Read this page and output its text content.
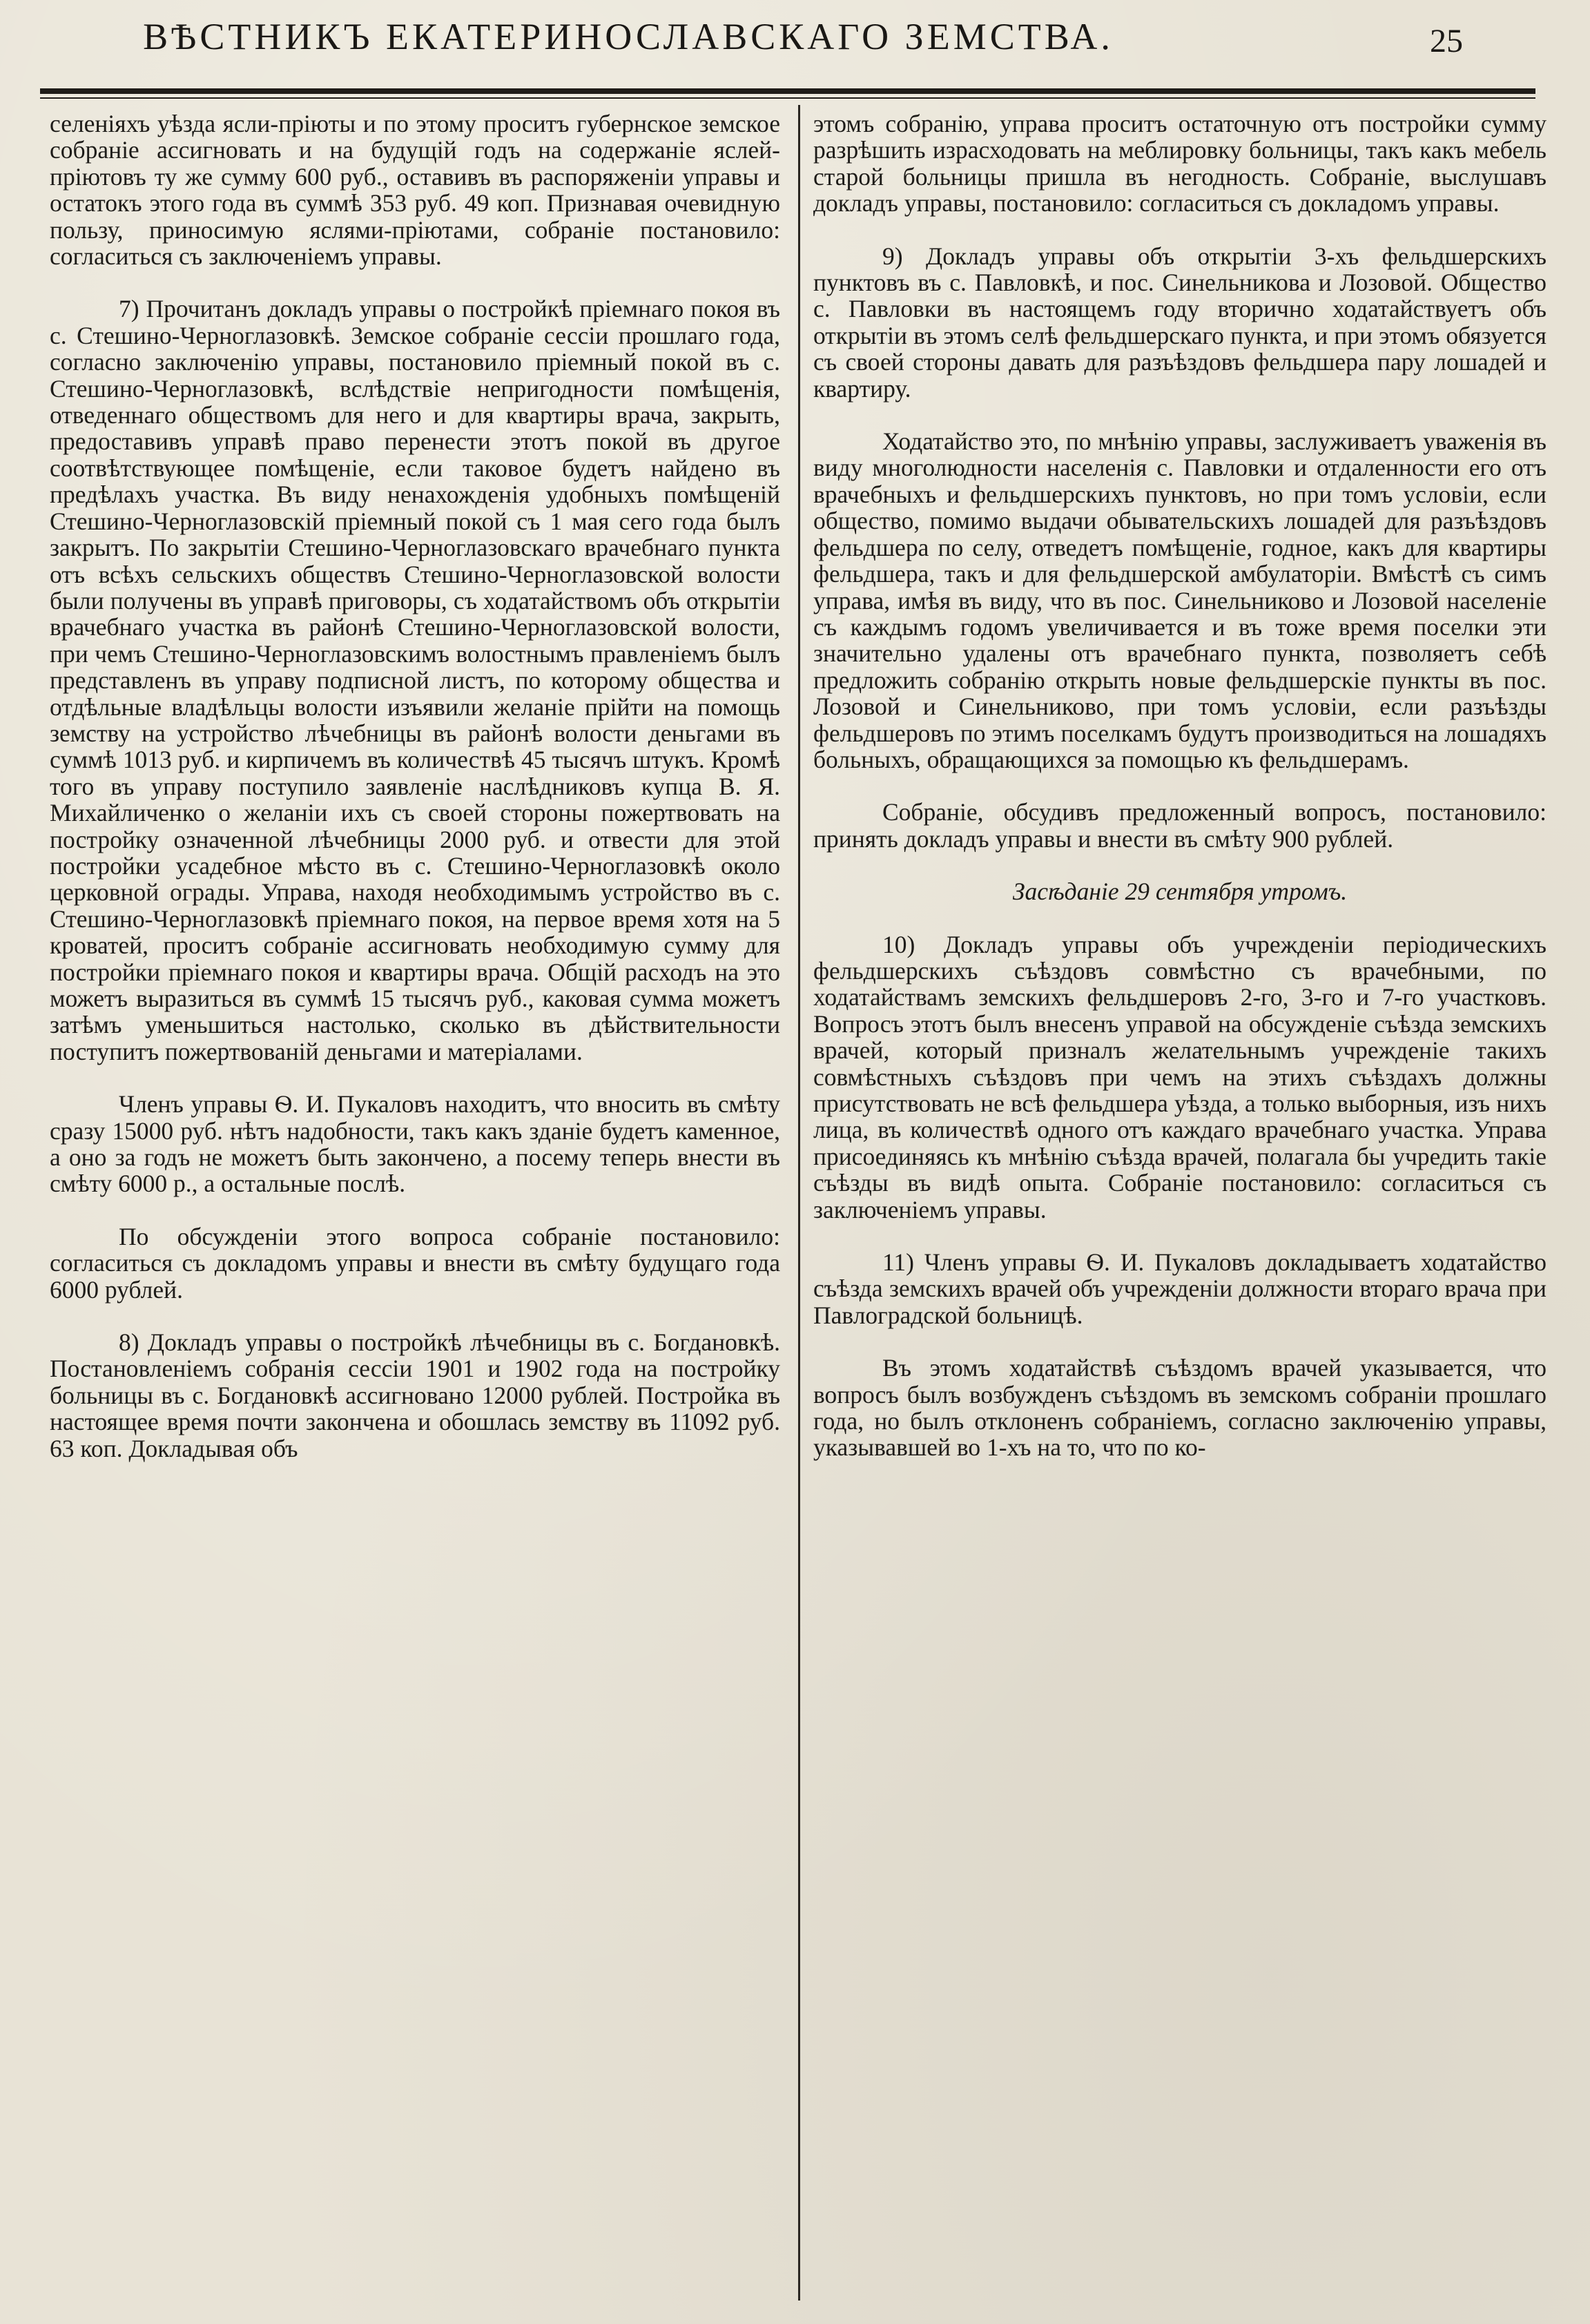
ВѢСТНИКЪ ЕКАТЕРИНОСЛАВСКАГО ЗЕМСТВА.	25

селеніяхъ уѣзда ясли-пріюты и по этому проситъ губернское земское собраніе ассигновать и на будущій годъ на содержаніе яслей-пріютовъ ту же сумму 600 руб., оставивъ въ распоряженіи управы и остатокъ этого года въ суммѣ 353 руб. 49 коп. Признавая очевидную пользу, приносимую яслями-пріютами, собраніе постановило: согласиться съ заключеніемъ управы.

7) Прочитанъ докладъ управы о постройкѣ пріемнаго покоя въ с. Стешино-Черноглазовкѣ. Земское собраніе сессіи прошлаго года, согласно заключенію управы, постановило пріемный покой въ с. Стешино-Черноглазовкѣ, вслѣдствіе непригодности помѣщенія, отведеннаго обществомъ для него и для квартиры врача, закрыть, предоставивъ управѣ право перенести этотъ покой въ другое соотвѣтствующее помѣщеніе, если таковое будетъ найдено въ предѣлахъ участка. Въ виду ненахожденія удобныхъ помѣщеній Стешино-Черноглазовскій пріемный покой съ 1 мая сего года былъ закрытъ. По закрытіи Стешино-Черноглазовскаго врачебнаго пункта отъ всѣхъ сельскихъ обществъ Стешино-Черноглазовской волости были получены въ управѣ приговоры, съ ходатайствомъ объ открытіи врачебнаго участка въ районѣ Стешино-Черноглазовской волости, при чемъ Стешино-Черноглазовскимъ волостнымъ правленіемъ былъ представленъ въ управу подписной листъ, по которому общества и отдѣльные владѣльцы волости изъявили желаніе прійти на помощь земству на устройство лѣчебницы въ районѣ волости деньгами въ суммѣ 1013 руб. и кирпичемъ въ количествѣ 45 тысячъ штукъ. Кромѣ того въ управу поступило заявленіе наслѣдниковъ купца В. Я. Михайличенко о желаніи ихъ съ своей стороны пожертвовать на постройку означенной лѣчебницы 2000 руб. и отвести для этой постройки усадебное мѣсто въ с. Стешино-Черноглазовкѣ около церковной ограды. Управа, находя необходимымъ устройство въ с. Стешино-Черноглазовкѣ пріемнаго покоя, на первое время хотя на 5 кроватей, проситъ собраніе ассигновать необходимую сумму для постройки пріемнаго покоя и квартиры врача. Общій расходъ на это можетъ выразиться въ суммѣ 15 тысячъ руб., каковая сумма можетъ затѣмъ уменьшиться настолько, сколько въ дѣйствительности поступитъ пожертвованій деньгами и матеріалами.

Членъ управы Ѳ. И. Пукаловъ находитъ, что вносить въ смѣту сразу 15000 руб. нѣтъ надобности, такъ какъ зданіе будетъ каменное, а оно за годъ не можетъ быть закончено, а посему теперь внести въ смѣту 6000 р., а остальные послѣ.

По обсужденіи этого вопроса собраніе постановило: согласиться съ докладомъ управы и внести въ смѣту будущаго года 6000 рублей.

8) Докладъ управы о постройкѣ лѣчебницы въ с. Богдановкѣ. Постановленіемъ собранія сессіи 1901 и 1902 года на постройку больницы въ с. Богдановкѣ ассигновано 12000 рублей. Постройка въ настоящее время почти закончена и обошлась земству въ 11092 руб. 63 коп. Докладывая объ

этомъ собранію, управа проситъ остаточную отъ постройки сумму разрѣшить израсходовать на меблировку больницы, такъ какъ мебель старой больницы пришла въ негодность. Собраніе, выслушавъ докладъ управы, постановило: согласиться съ докладомъ управы.

9) Докладъ управы объ открытіи 3-хъ фельдшерскихъ пунктовъ въ с. Павловкѣ, и пос. Синельникова и Лозовой. Общество с. Павловки въ настоящемъ году вторично ходатайствуетъ объ открытіи въ этомъ селѣ фельдшерскаго пункта, и при этомъ обязуется съ своей стороны давать для разъѣздовъ фельдшера пару лошадей и квартиру.

Ходатайство это, по мнѣнію управы, заслуживаетъ уваженія въ виду многолюдности населенія с. Павловки и отдаленности его отъ врачебныхъ и фельдшерскихъ пунктовъ, но при томъ условіи, если общество, помимо выдачи обывательскихъ лошадей для разъѣздовъ фельдшера по селу, отведетъ помѣщеніе, годное, какъ для квартиры фельдшера, такъ и для фельдшерской амбулаторіи. Вмѣстѣ съ симъ управа, имѣя въ виду, что въ пос. Синельниково и Лозовой населеніе съ каждымъ годомъ увеличивается и въ тоже время поселки эти значительно удалены отъ врачебнаго пункта, позволяетъ себѣ предложить собранію открыть новые фельдшерскіе пункты въ пос. Лозовой и Синельниково, при томъ условіи, если разъѣзды фельдшеровъ по этимъ поселкамъ будутъ производиться на лошадяхъ больныхъ, обращающихся за помощью къ фельдшерамъ.

Собраніе, обсудивъ предложенный вопросъ, постановило: принять докладъ управы и внести въ смѣту 900 рублей.

Засѣданіе 29 сентября утромъ.

10) Докладъ управы объ учрежденіи періодическихъ фельдшерскихъ съѣздовъ совмѣстно съ врачебными, по ходатайствамъ земскихъ фельдшеровъ 2-го, 3-го и 7-го участковъ. Вопросъ этотъ былъ внесенъ управой на обсужденіе съѣзда земскихъ врачей, который призналъ желательнымъ учрежденіе такихъ совмѣстныхъ съѣздовъ при чемъ на этихъ съѣздахъ должны присутствовать не всѣ фельдшера уѣзда, а только выборныя, изъ нихъ лица, въ количествѣ одного отъ каждаго врачебнаго участка. Управа присоединяясь къ мнѣнію съѣзда врачей, полагала бы учредить такіе съѣзды въ видѣ опыта. Собраніе постановило: согласиться съ заключеніемъ управы.

11) Членъ управы Ѳ. И. Пукаловъ докладываетъ ходатайство съѣзда земскихъ врачей объ учрежденіи должности втораго врача при Павлоградской больницѣ.

Въ этомъ ходатайствѣ съѣздомъ врачей указывается, что вопросъ былъ возбужденъ съѣздомъ въ земскомъ собраніи прошлаго года, но былъ отклоненъ собраніемъ, согласно заключенію управы, указывавшей во 1-хъ на то, что по ко-
